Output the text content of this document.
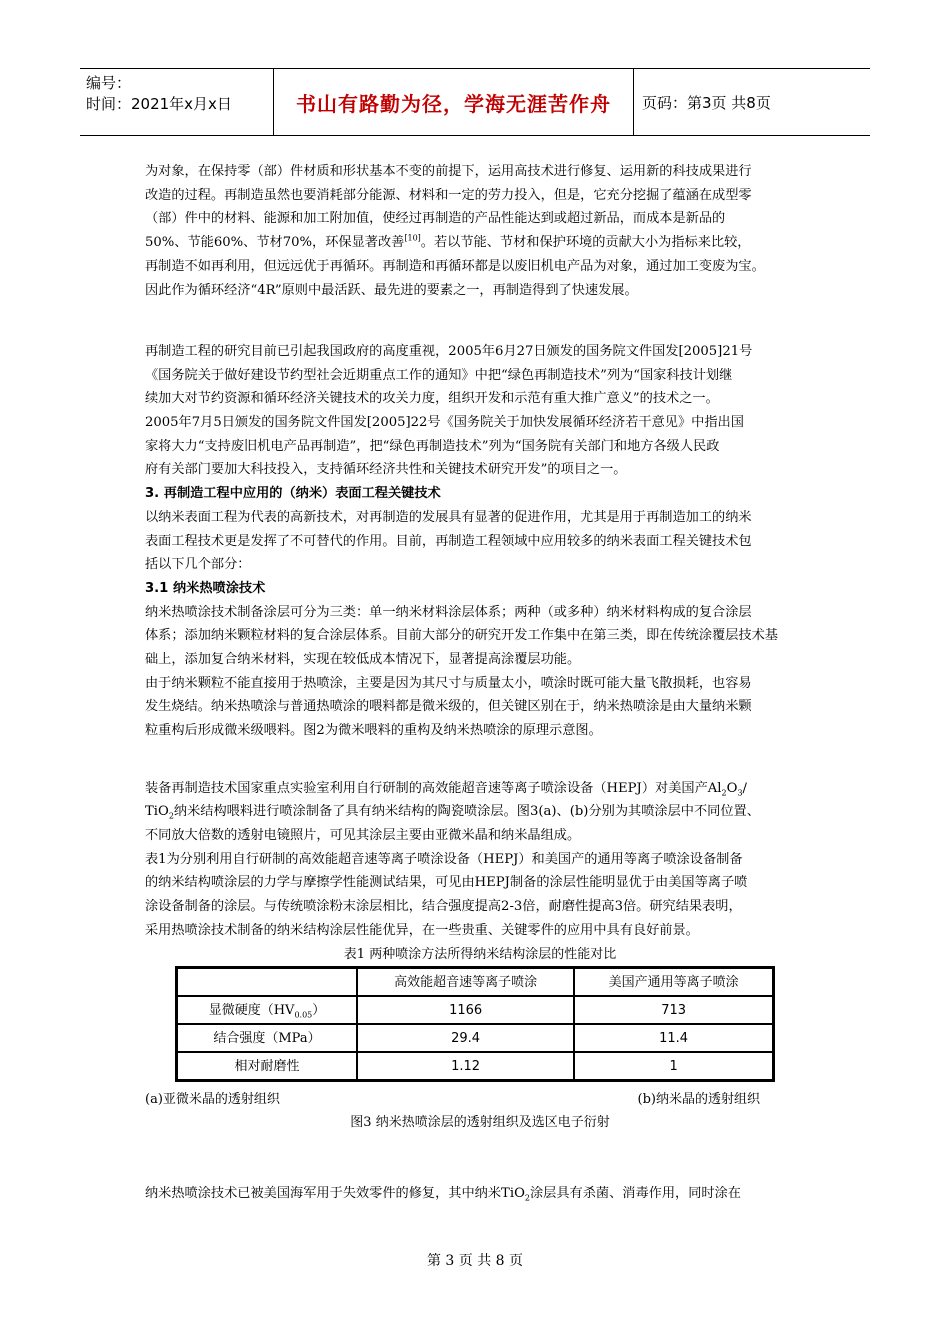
编号：
时间：2021年x月x日	书山有路勤为径，学海无涯苦作舟	页码：第3页 共8页

为对象，在保持零（部）件材质和形状基本不变的前提下，运用高技术进行修复、运用新的科技成果进行
改造的过程。再制造虽然也要消耗部分能源、材料和一定的劳力投入，但是，它充分挖掘了蕴涵在成型零
（部）件中的材料、能源和加工附加值，使经过再制造的产品性能达到或超过新品，而成本是新品的
50%、节能60%、节材70%，环保显著改善[10]。若以节能、节材和保护环境的贡献大小为指标来比较，
再制造不如再利用，但远远优于再循环。再制造和再循环都是以废旧机电产品为对象，通过加工变废为宝。
因此作为循环经济“4R”原则中最活跃、最先进的要素之一，再制造得到了快速发展。

再制造工程的研究目前已引起我国政府的高度重视，2005年6月27日颁发的国务院文件国发[2005]21号
《国务院关于做好建设节约型社会近期重点工作的通知》中把“绿色再制造技术”列为“国家科技计划继
续加大对节约资源和循环经济关键技术的攻关力度，组织开发和示范有重大推广意义”的技术之一。
2005年7月5日颁发的国务院文件国发[2005]22号《国务院关于加快发展循环经济若干意见》中指出国
家将大力“支持废旧机电产品再制造”，把“绿色再制造技术”列为“国务院有关部门和地方各级人民政
府有关部门要加大科技投入，支持循环经济共性和关键技术研究开发”的项目之一。

3. 再制造工程中应用的（纳米）表面工程关键技术

以纳米表面工程为代表的高新技术，对再制造的发展具有显著的促进作用，尤其是用于再制造加工的纳米
表面工程技术更是发挥了不可替代的作用。目前，再制造工程领域中应用较多的纳米表面工程关键技术包
括以下几个部分：

3.1 纳米热喷涂技术

纳米热喷涂技术制备涂层可分为三类：单一纳米材料涂层体系；两种（或多种）纳米材料构成的复合涂层
体系；添加纳米颗粒材料的复合涂层体系。目前大部分的研究开发工作集中在第三类，即在传统涂覆层技术基
础上，添加复合纳米材料，实现在较低成本情况下，显著提高涂覆层功能。
由于纳米颗粒不能直接用于热喷涂，主要是因为其尺寸与质量太小，喷涂时既可能大量飞散损耗，也容易
发生烧结。纳米热喷涂与普通热喷涂的喂料都是微米级的，但关键区别在于，纳米热喷涂是由大量纳米颗
粒重构后形成微米级喂料。图2为微米喂料的重构及纳米热喷涂的原理示意图。

装备再制造技术国家重点实验室利用自行研制的高效能超音速等离子喷涂设备（HEPJ）对美国产$Al_2O_3/$
TiO$_2$纳米结构喂料进行喷涂制备了具有纳米结构的陶瓷喷涂层。图3(a)、(b)分别为其喷涂层中不同位置、
不同放大倍数的透射电镜照片，可见其涂层主要由亚微米晶和纳米晶组成。
表1为分别利用自行研制的高效能超音速等离子喷涂设备（HEPJ）和美国产的通用等离子喷涂设备制备
的纳米结构喷涂层的力学与摩擦学性能测试结果，可见由HEPJ制备的涂层性能明显优于由美国等离子喷
涂设备制备的涂层。与传统喷涂粉末涂层相比，结合强度提高2-3倍，耐磨性提高3倍。研究结果表明，
采用热喷涂技术制备的纳米结构涂层性能优异，在一些贵重、关键零件的应用中具有良好前景。

表1 两种喷涂方法所得纳米结构涂层的性能对比
	高效能超音速等离子喷涂	美国产通用等离子喷涂
显微硬度$(HV_{0.05})$	1166	713
结合强度（MPa）	29.4	11.4
相对耐磨性	1.12	1
(a)亚微米晶的透射组织	(b)纳米晶的透射组织
图3 纳米热喷涂层的透射组织及选区电子衍射

纳米热喷涂技术已被美国海军用于失效零件的修复，其中纳米TiO$_2$涂层具有杀菌、消毒作用，同时涂在

第 3 页 共 8 页
